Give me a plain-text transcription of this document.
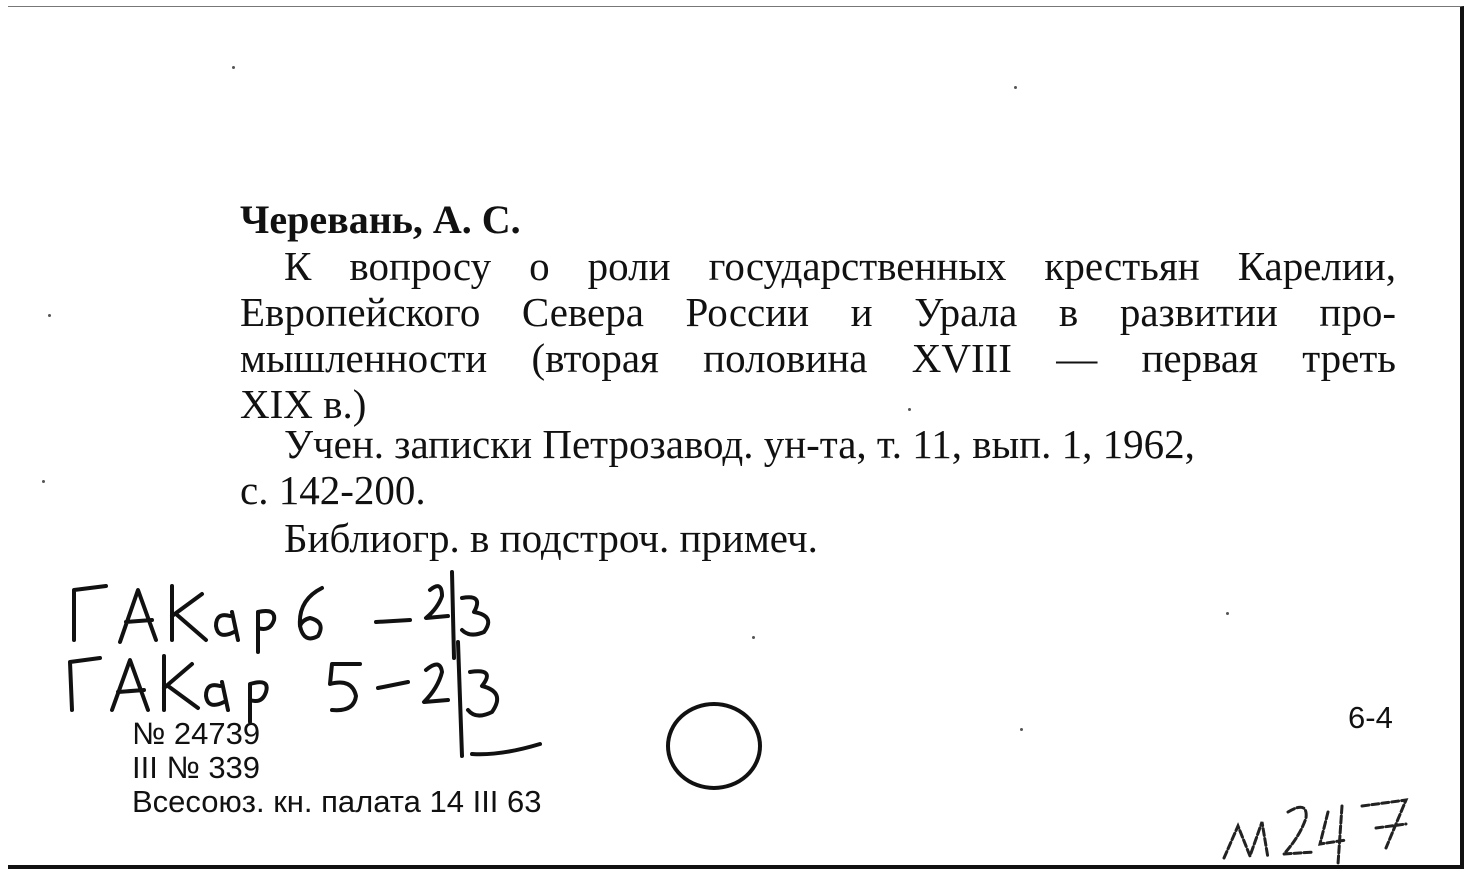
Черевань, А. С.
К вопросу о роли государственных крестьян Карелии,
Европейского Севера России и Урала в развитии про-
мышленности (вторая половина XVIII — первая треть
XIX в.)
Учен. записки Петрозавод. ун-та, т. 11, вып. 1, 1962,
с. 142-200.
Библиогр. в подстроч. примеч.
№ 24739
III № 339
Всесоюз. кн. палата 14 III 63
6-4
